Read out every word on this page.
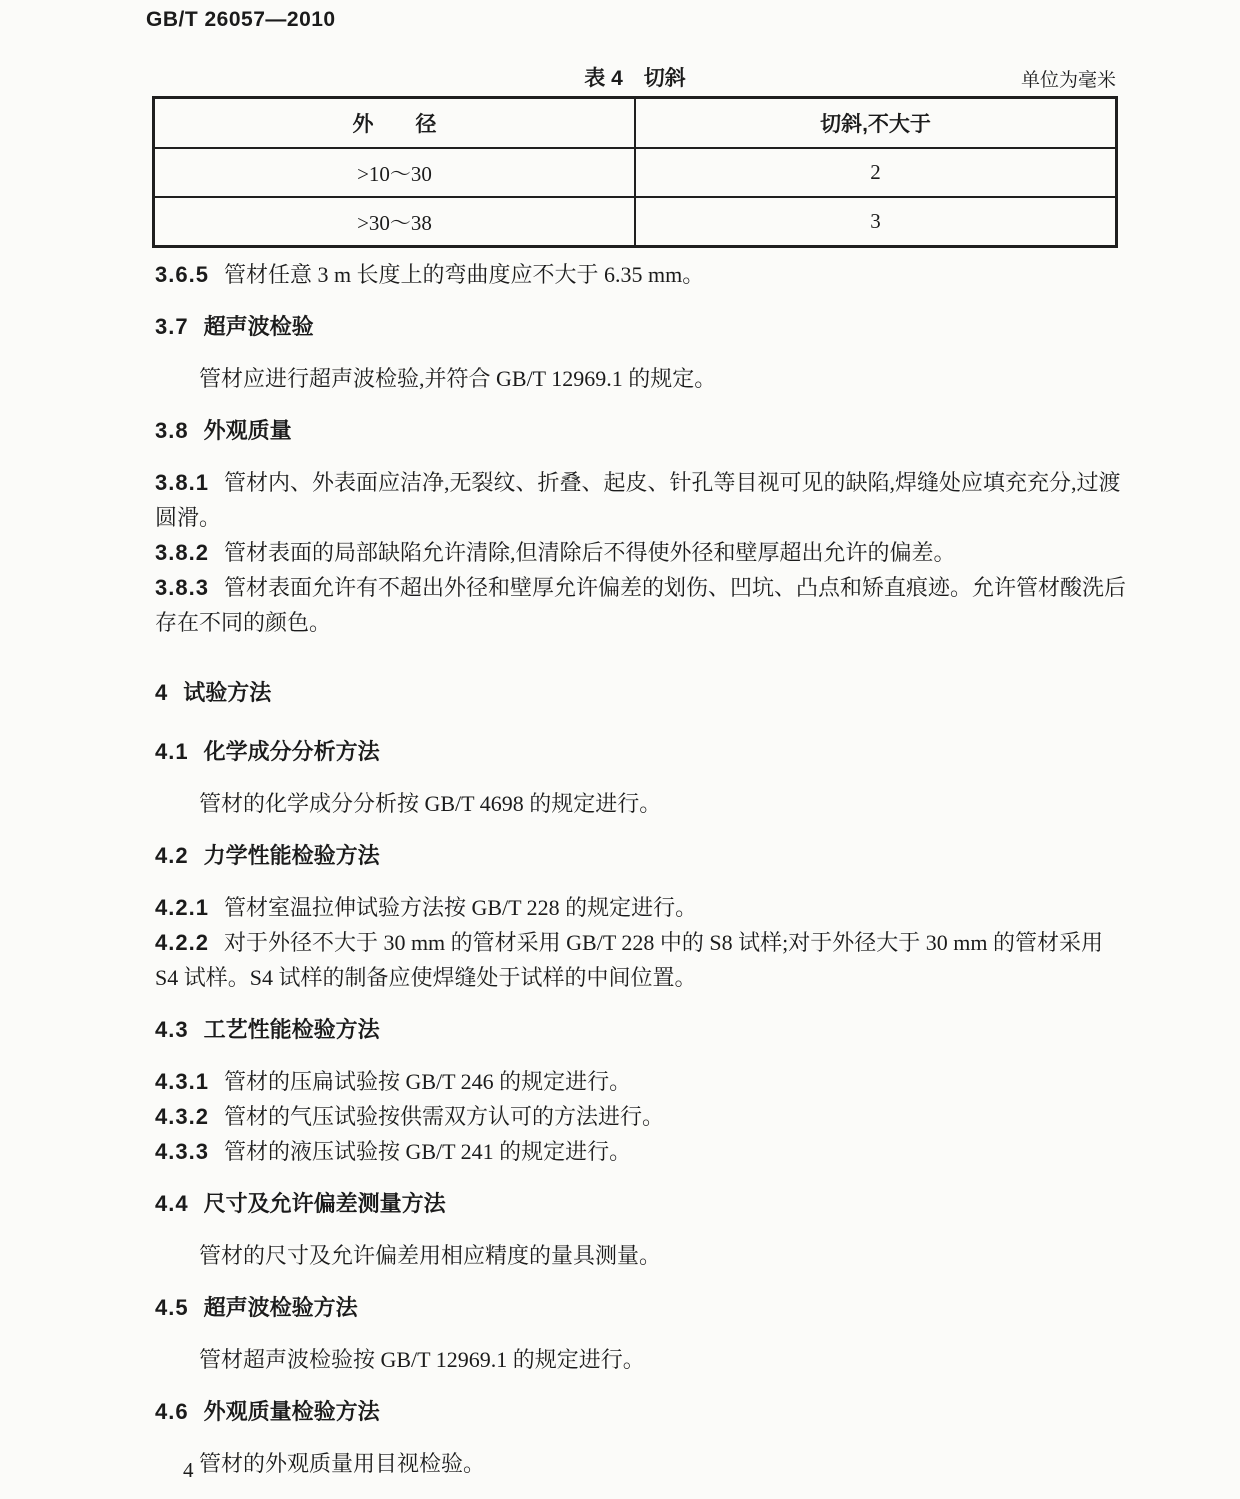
GB/T 26057—2010
表 4　切斜	单位为毫米
外　　径	切斜,不大于
>10～30	2
>30～38	3

3.6.5 管材任意 3 m 长度上的弯曲度应不大于 6.35 mm。

3.7 超声波检验

管材应进行超声波检验,并符合 GB/T 12969.1 的规定。

3.8 外观质量

3.8.1 管材内、外表面应洁净,无裂纹、折叠、起皮、针孔等目视可见的缺陷,焊缝处应填充充分,过渡圆滑。

3.8.2 管材表面的局部缺陷允许清除,但清除后不得使外径和壁厚超出允许的偏差。

3.8.3 管材表面允许有不超出外径和壁厚允许偏差的划伤、凹坑、凸点和矫直痕迹。允许管材酸洗后存在不同的颜色。

4 试验方法

4.1 化学成分分析方法

管材的化学成分分析按 GB/T 4698 的规定进行。

4.2 力学性能检验方法

4.2.1 管材室温拉伸试验方法按 GB/T 228 的规定进行。

4.2.2 对于外径不大于 30 mm 的管材采用 GB/T 228 中的 S8 试样;对于外径大于 30 mm 的管材采用 S4 试样。S4 试样的制备应使焊缝处于试样的中间位置。

4.3 工艺性能检验方法

4.3.1 管材的压扁试验按 GB/T 246 的规定进行。

4.3.2 管材的气压试验按供需双方认可的方法进行。

4.3.3 管材的液压试验按 GB/T 241 的规定进行。

4.4 尺寸及允许偏差测量方法

管材的尺寸及允许偏差用相应精度的量具测量。

4.5 超声波检验方法

管材超声波检验按 GB/T 12969.1 的规定进行。

4.6 外观质量检验方法

管材的外观质量用目视检验。

4
